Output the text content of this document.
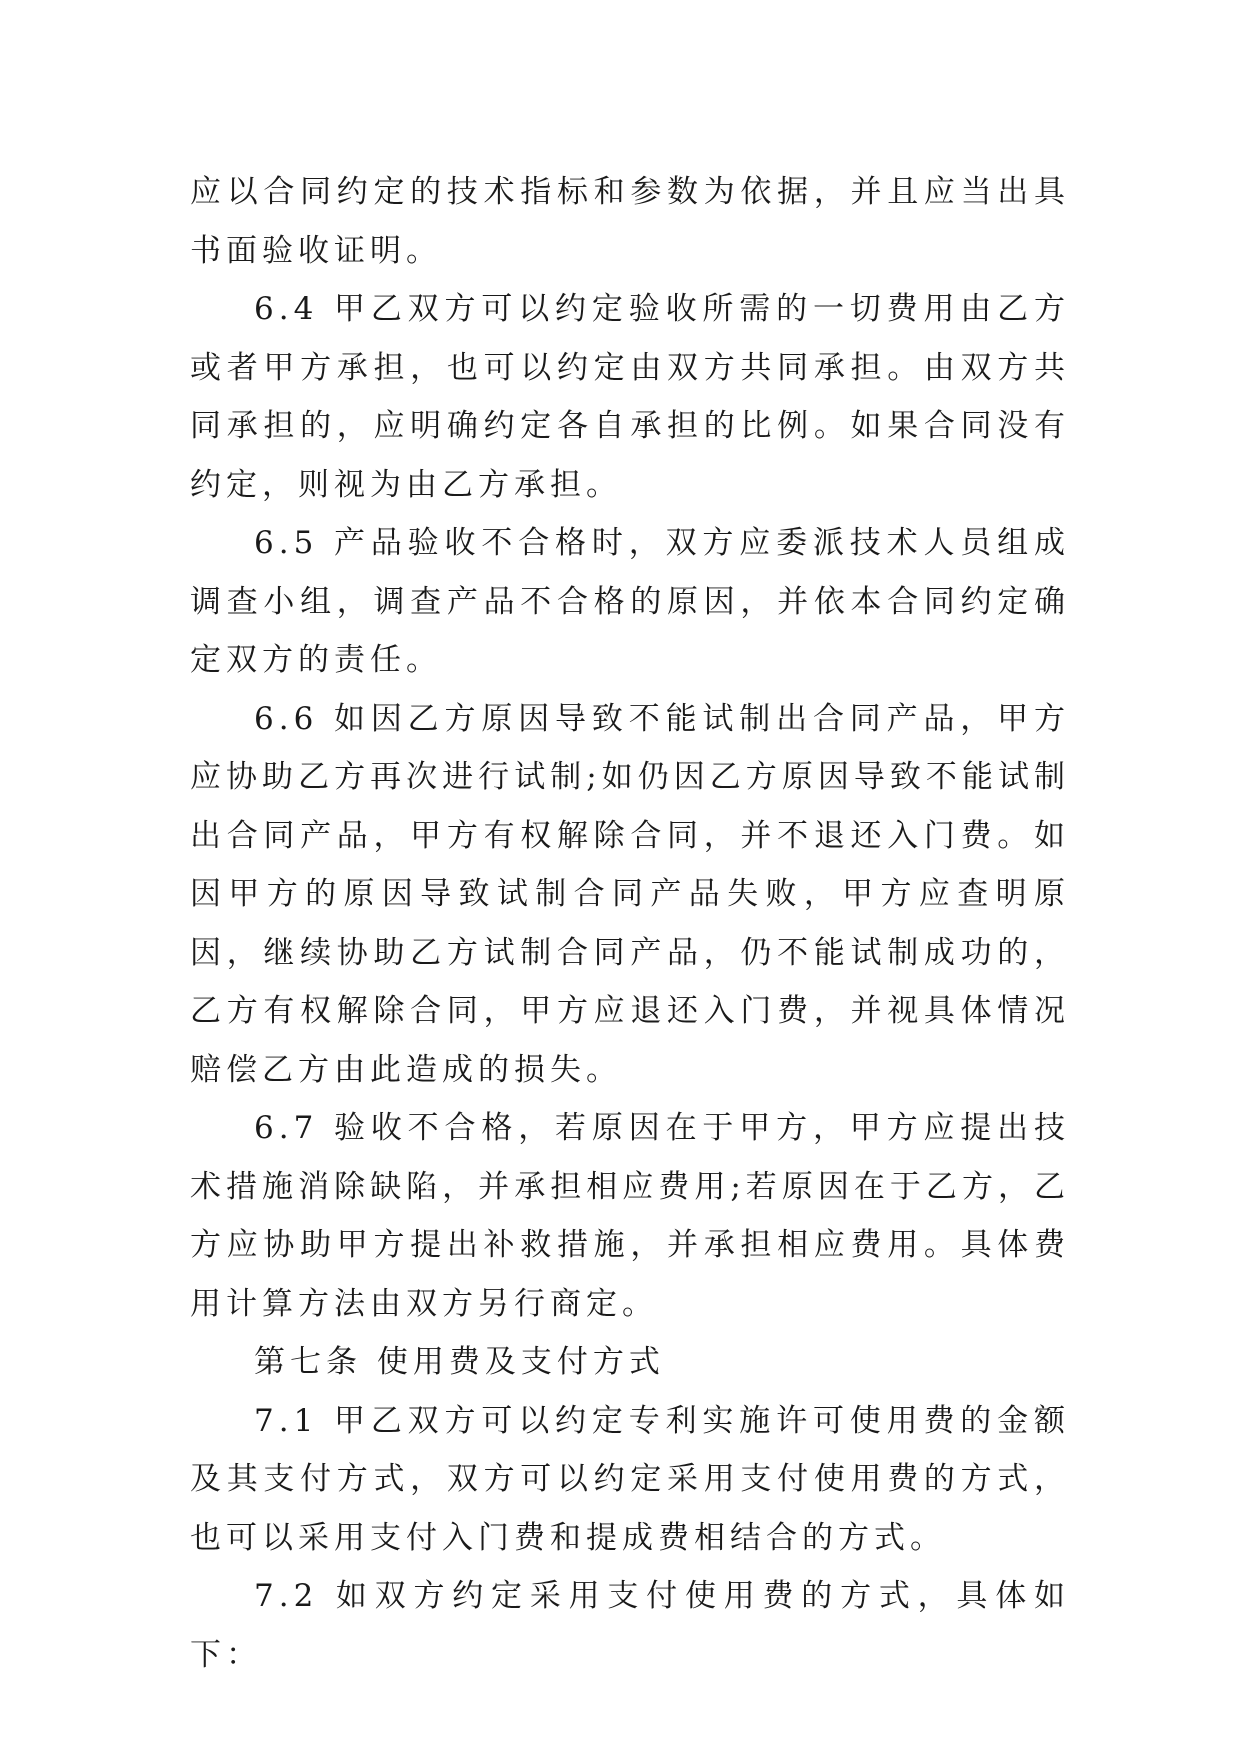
应以合同约定的技术指标和参数为依据，并且应当出具书面验收证明。

6.4 甲乙双方可以约定验收所需的一切费用由乙方或者甲方承担，也可以约定由双方共同承担。由双方共同承担的，应明确约定各自承担的比例。如果合同没有约定，则视为由乙方承担。

6.5 产品验收不合格时，双方应委派技术人员组成调查小组，调查产品不合格的原因，并依本合同约定确定双方的责任。

6.6 如因乙方原因导致不能试制出合同产品，甲方应协助乙方再次进行试制;如仍因乙方原因导致不能试制出合同产品，甲方有权解除合同，并不退还入门费。如因甲方的原因导致试制合同产品失败，甲方应查明原因，继续协助乙方试制合同产品，仍不能试制成功的，乙方有权解除合同，甲方应退还入门费，并视具体情况赔偿乙方由此造成的损失。

6.7 验收不合格，若原因在于甲方，甲方应提出技术措施消除缺陷，并承担相应费用;若原因在于乙方，乙方应协助甲方提出补救措施，并承担相应费用。具体费用计算方法由双方另行商定。

第七条 使用费及支付方式

7.1 甲乙双方可以约定专利实施许可使用费的金额及其支付方式，双方可以约定采用支付使用费的方式，也可以采用支付入门费和提成费相结合的方式。

7.2 如双方约定采用支付使用费的方式，具体如下：
